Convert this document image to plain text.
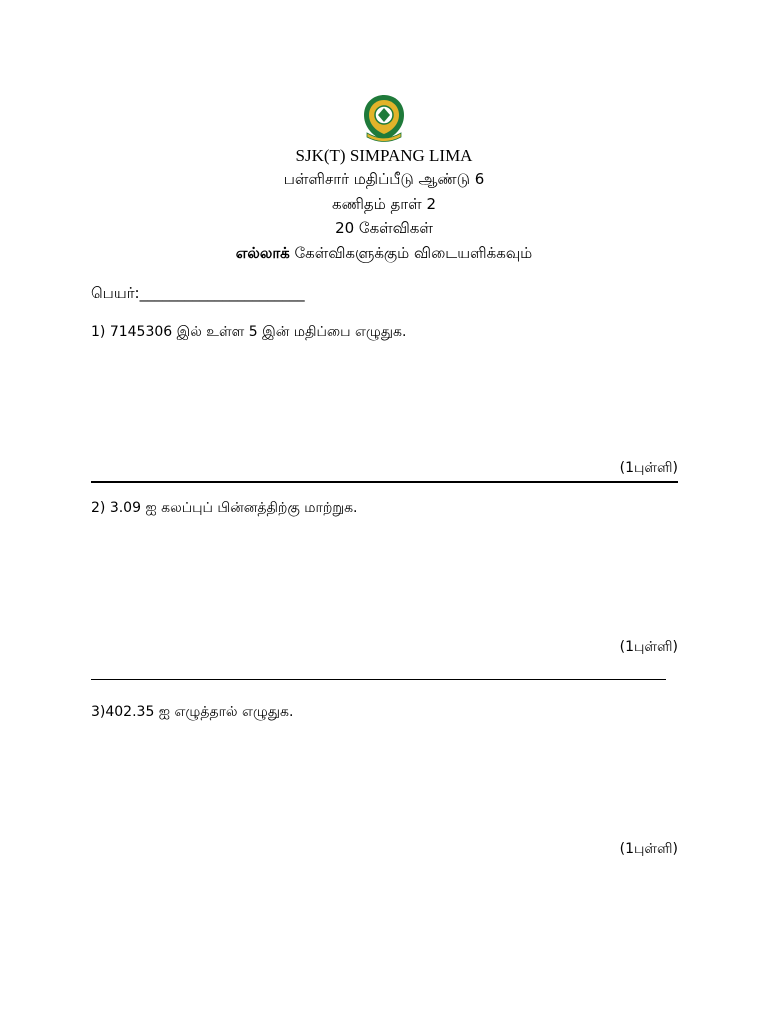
SJK(T) SIMPANG LIMA
பள்ளிசார் மதிப்பீடு ஆண்டு 6
கணிதம் தாள் 2
20 கேள்விகள்
எல்லாக் கேள்விகளுக்கும் விடையளிக்கவும்
பெயர்:______________________
1) 7145306 இல் உள்ள 5 இன் மதிப்பை எழுதுக.
(1புள்ளி)
2) 3.09 ஐ கலப்புப் பின்னத்திற்கு மாற்றுக.
(1புள்ளி)
3)402.35 ஐ எழுத்தால் எழுதுக.
(1புள்ளி)
